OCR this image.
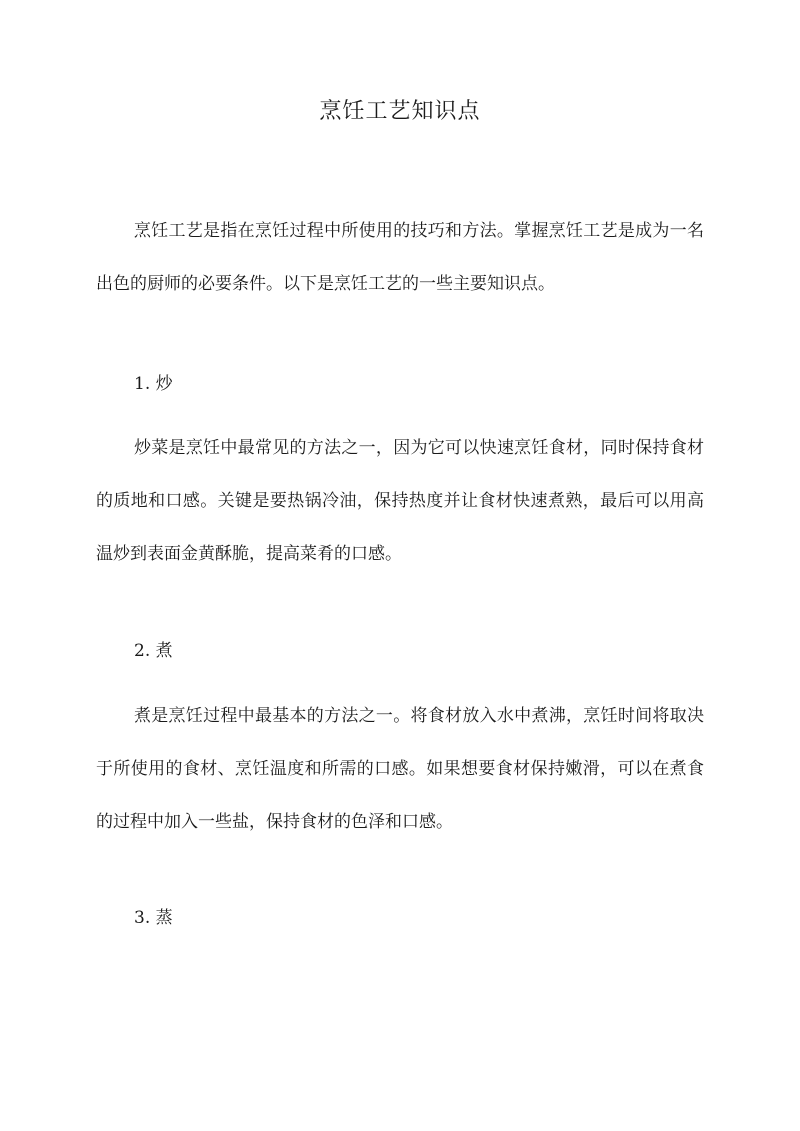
烹饪工艺知识点

烹饪工艺是指在烹饪过程中所使用的技巧和方法。掌握烹饪工艺是成为一名出色的厨师的必要条件。以下是烹饪工艺的一些主要知识点。

1. 炒

炒菜是烹饪中最常见的方法之一，因为它可以快速烹饪食材，同时保持食材的质地和口感。关键是要热锅冷油，保持热度并让食材快速煮熟，最后可以用高温炒到表面金黄酥脆，提高菜肴的口感。

2. 煮

煮是烹饪过程中最基本的方法之一。将食材放入水中煮沸，烹饪时间将取决于所使用的食材、烹饪温度和所需的口感。如果想要食材保持嫩滑，可以在煮食的过程中加入一些盐，保持食材的色泽和口感。

3. 蒸
